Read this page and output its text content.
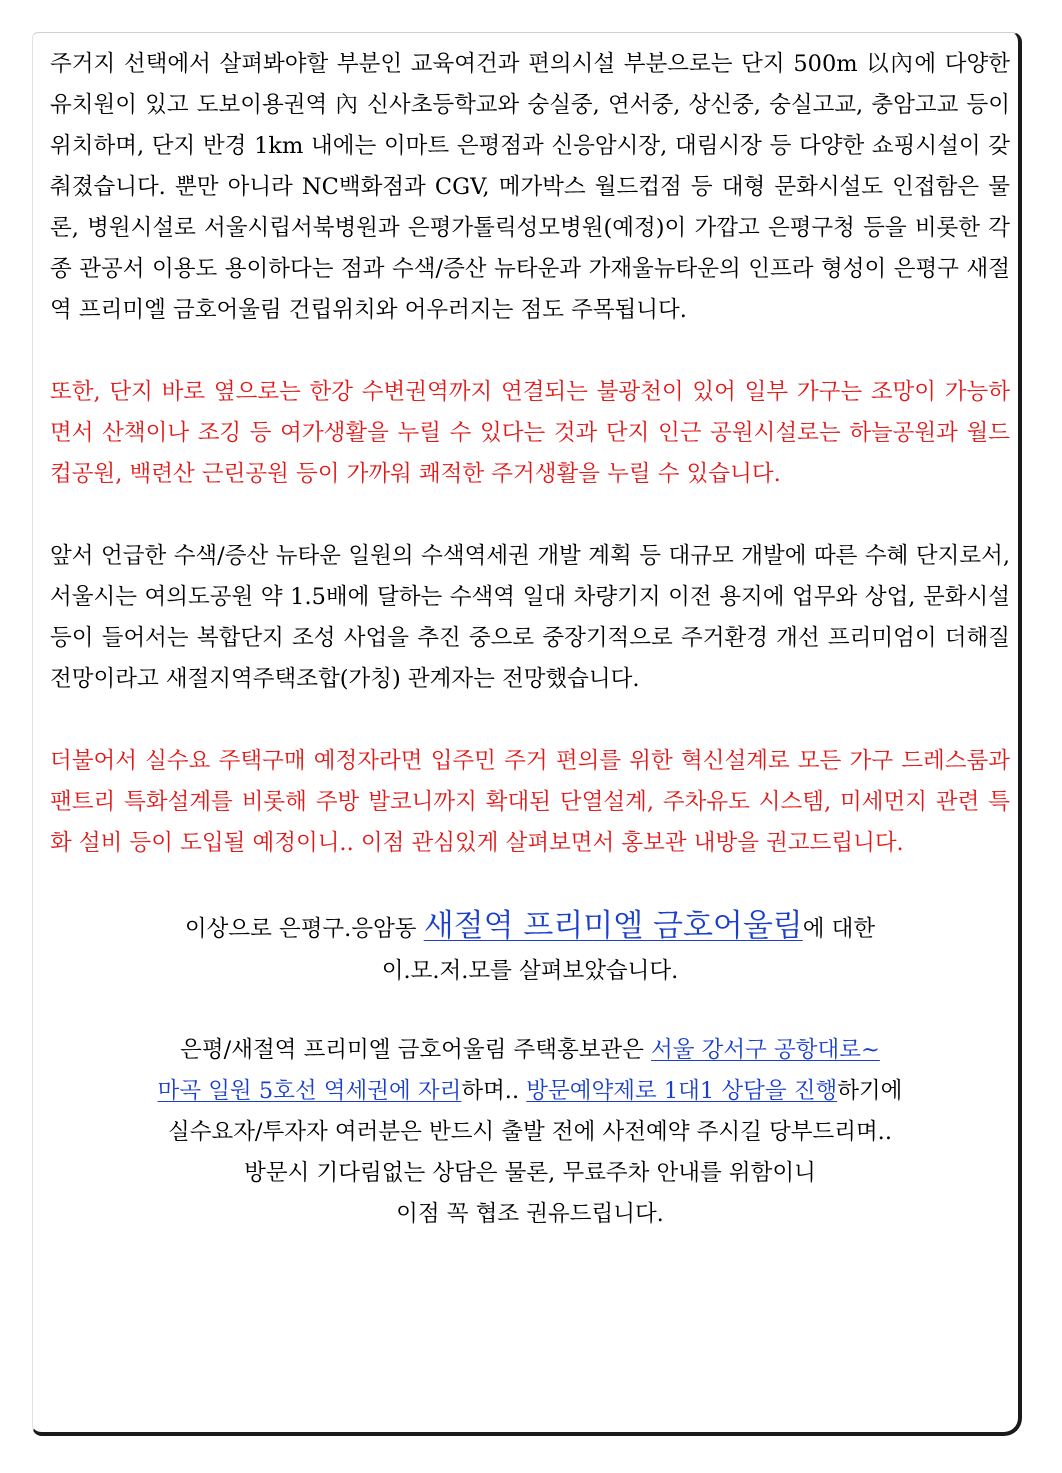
주거지 선택에서 살펴봐야할 부분인 교육여건과 편의시설 부분으로는 단지 500m 以內에 다양한 유치원이 있고 도보이용권역 內 신사초등학교와 숭실중, 연서중, 상신중, 숭실고교, 충암고교 등이 위치하며, 단지 반경 1km 내에는 이마트 은평점과 신응암시장, 대림시장 등 다양한 쇼핑시설이 갖춰졌습니다. 뿐만 아니라 NC백화점과 CGV, 메가박스 월드컵점 등 대형 문화시설도 인접함은 물론, 병원시설로 서울시립서북병원과 은평가톨릭성모병원(예정)이 가깝고 은평구청 등을 비롯한 각종 관공서 이용도 용이하다는 점과 수색/증산 뉴타운과 가재울뉴타운의 인프라 형성이 은평구 새절역 프리미엘 금호어울림 건립위치와 어우러지는 점도 주목됩니다.

또한, 단지 바로 옆으로는 한강 수변권역까지 연결되는 불광천이 있어 일부 가구는 조망이 가능하면서 산책이나 조깅 등 여가생활을 누릴 수 있다는 것과 단지 인근 공원시설로는 하늘공원과 월드컵공원, 백련산 근린공원 등이 가까워 쾌적한 주거생활을 누릴 수 있습니다.

앞서 언급한 수색/증산 뉴타운 일원의 수색역세권 개발 계획 등 대규모 개발에 따른 수혜 단지로서, 서울시는 여의도공원 약 1.5배에 달하는 수색역 일대 차량기지 이전 용지에 업무와 상업, 문화시설 등이 들어서는 복합단지 조성 사업을 추진 중으로 중장기적으로 주거환경 개선 프리미엄이 더해질 전망이라고 새절지역주택조합(가칭) 관계자는 전망했습니다.

더불어서 실수요 주택구매 예정자라면 입주민 주거 편의를 위한 혁신설계로 모든 가구 드레스룸과 팬트리 특화설계를 비롯해 주방 발코니까지 확대된 단열설계, 주차유도 시스템, 미세먼지 관련 특화 설비 등이 도입될 예정이니.. 이점 관심있게 살펴보면서 홍보관 내방을 권고드립니다.

이상으로 은평구.응암동 새절역 프리미엘 금호어울림에 대한
이.모.저.모를 살펴보았습니다.

은평/새절역 프리미엘 금호어울림 주택홍보관은 서울 강서구 공항대로~
마곡 일원 5호선 역세권에 자리하며.. 방문예약제로 1대1 상담을 진행하기에
실수요자/투자자 여러분은 반드시 출발 전에 사전예약 주시길 당부드리며..
방문시 기다림없는 상담은 물론, 무료주차 안내를 위함이니
이점 꼭 협조 권유드립니다.
